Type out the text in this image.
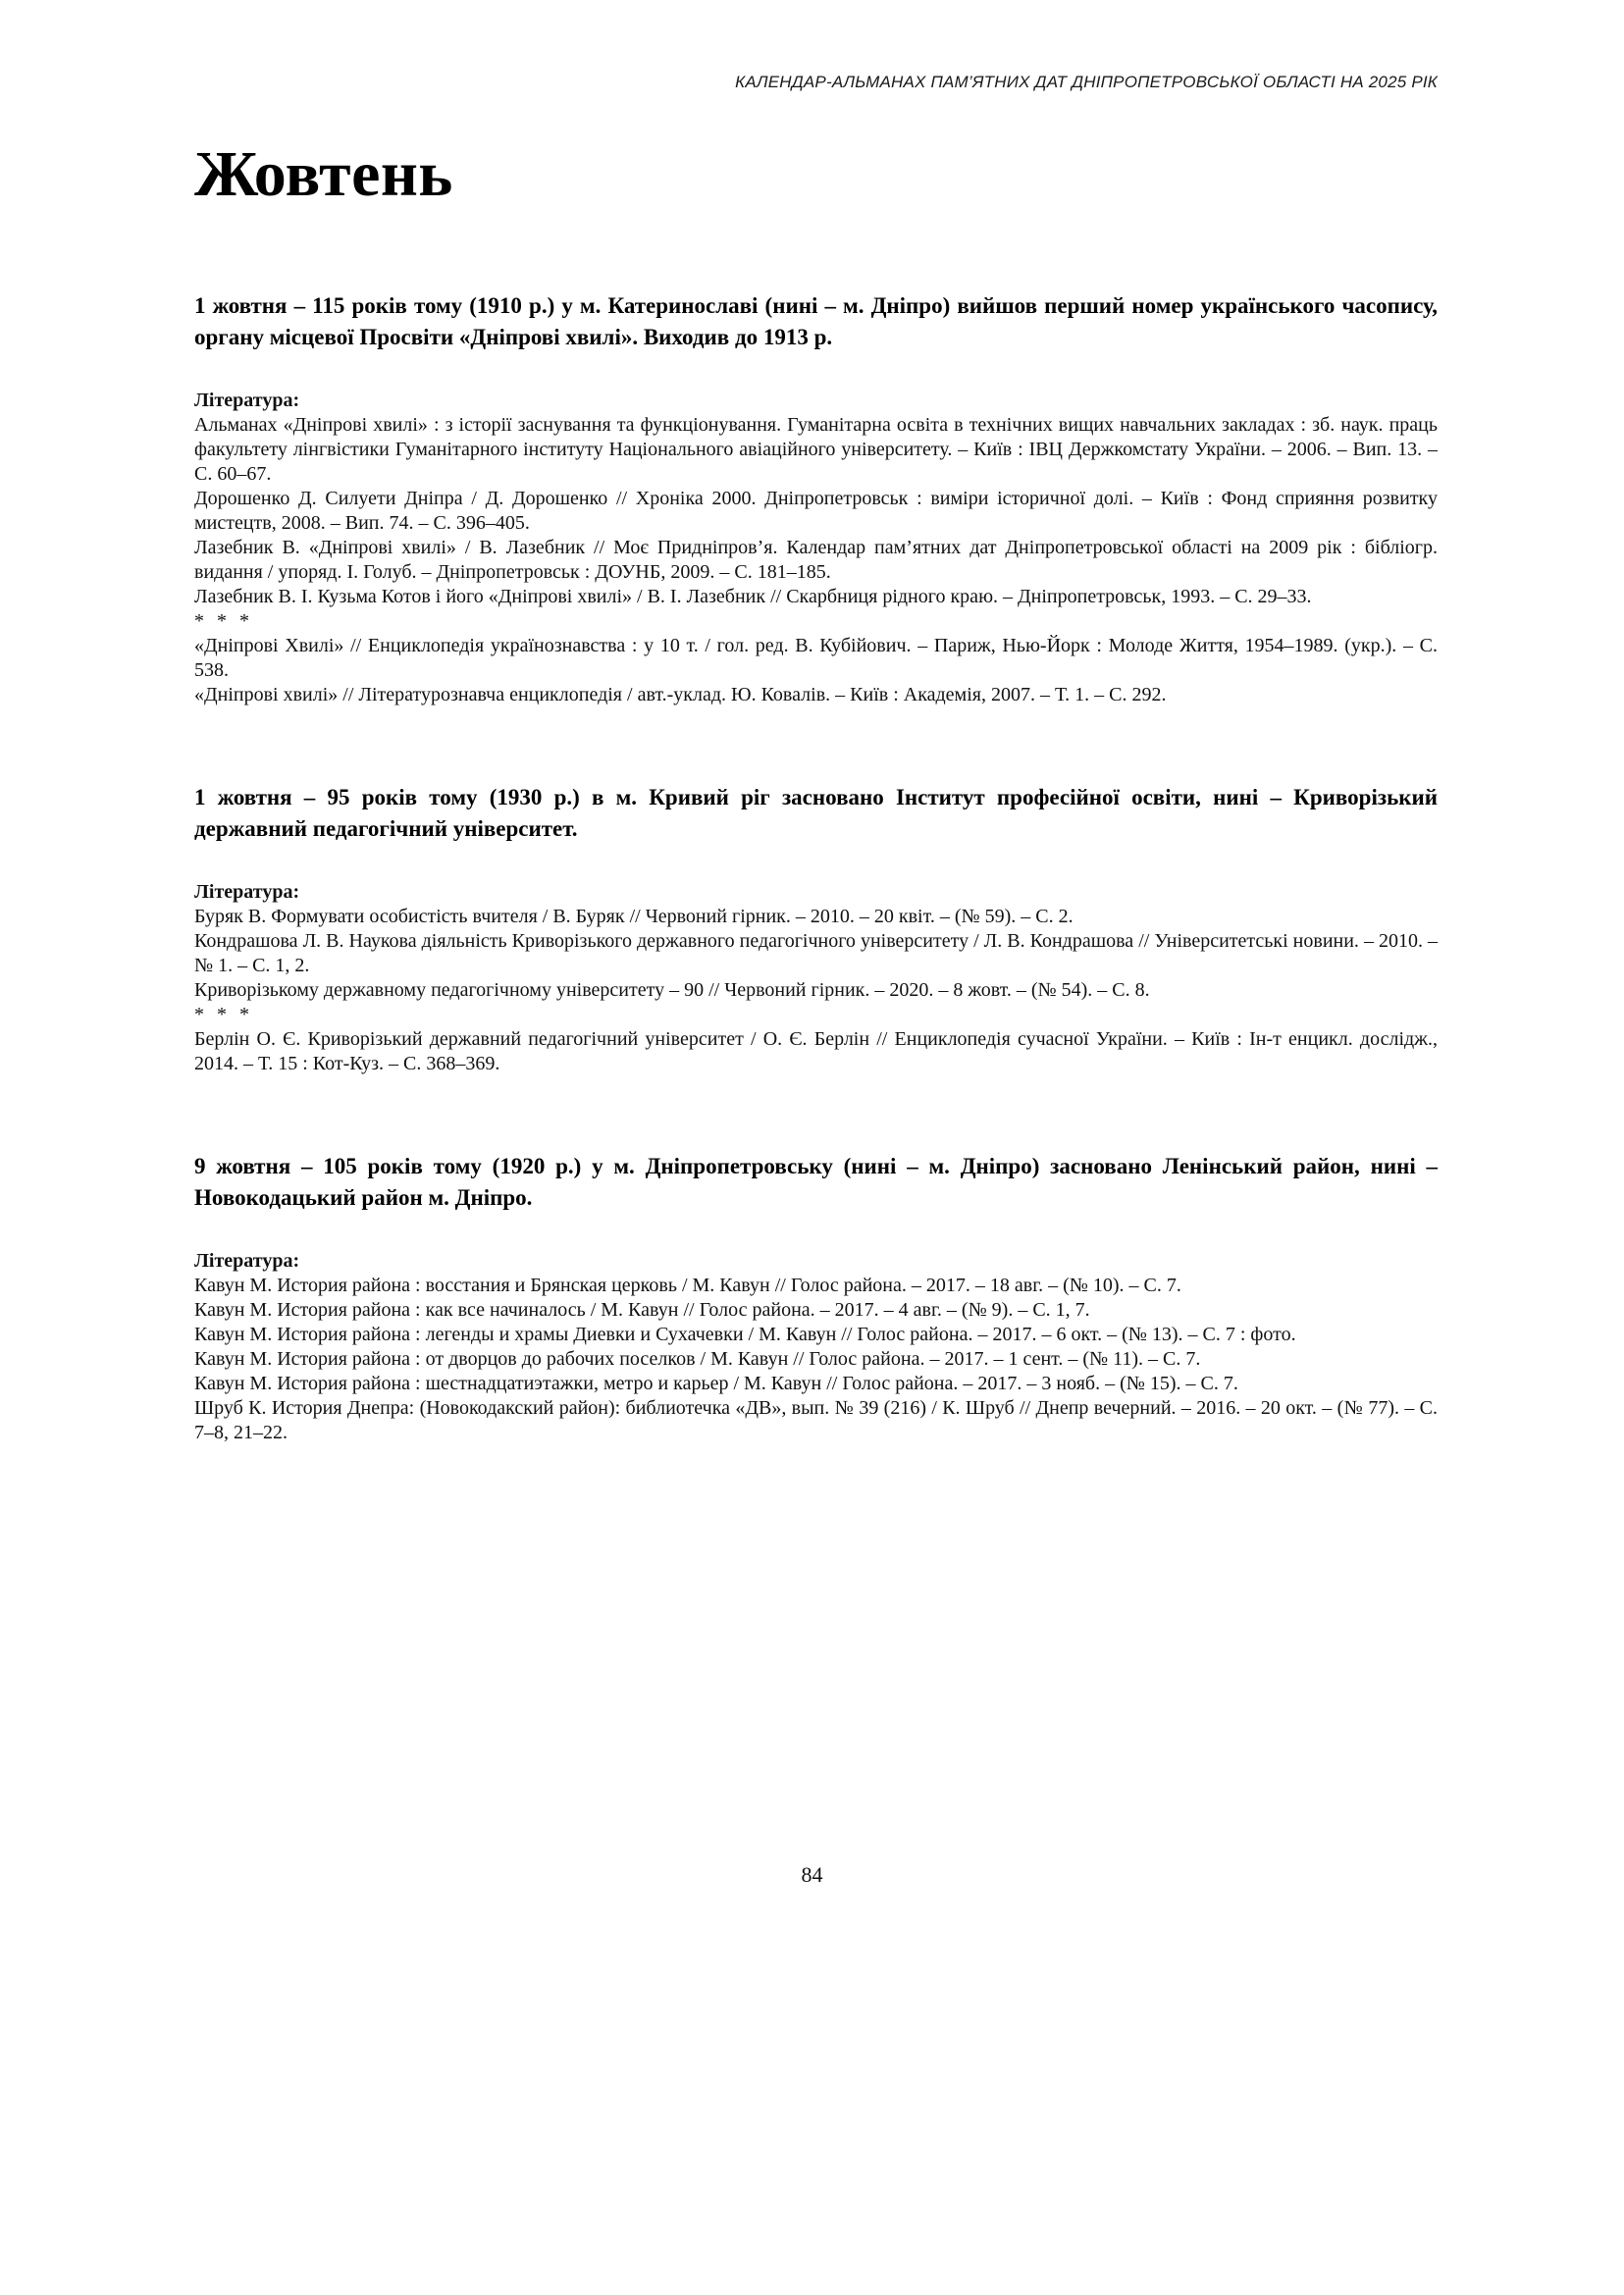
КАЛЕНДАР-АЛЬМАНАХ ПАМ’ЯТНИХ ДАТ ДНІПРОПЕТРОВСЬКОЇ ОБЛАСТІ НА 2025 РІК
Жовтень

1 жовтня – 115 років тому (1910 р.) у м. Катеринославі (нині – м. Дніпро) вийшов перший номер українського часопису, органу місцевої Просвіти «Дніпрові хвилі». Виходив до 1913 р.

Література:

Альманах «Дніпрові хвилі» : з історії заснування та функціонування. Гуманітарна освіта в технічних вищих навчальних закладах : зб. наук. праць факультету лінгвістики Гуманітарного інституту Національного авіаційного університету. – Київ : ІВЦ Держкомстату України. – 2006. – Вип. 13. – С. 60–67.

Дорошенко Д. Силуети Дніпра / Д. Дорошенко // Хроніка 2000. Дніпропетровськ : виміри історичної долі. – Київ : Фонд сприяння розвитку мистецтв, 2008. – Вип. 74. – С. 396–405.

Лазебник В. «Дніпрові хвилі» / В. Лазебник // Моє Придніпров’я. Календар пам’ятних дат Дніпропетровської області на 2009 рік : бібліогр. видання / упоряд. І. Голуб. – Дніпропетровськ : ДОУНБ, 2009. – С. 181–185.

Лазебник В. І. Кузьма Котов і його «Дніпрові хвилі» / В. І. Лазебник // Скарбниця рідного краю. – Дніпропетровськ, 1993. – С. 29–33.

* * *

«Дніпрові Хвилі» // Енциклопедія українознавства : у 10 т. / гол. ред. В. Кубійович. – Париж, Нью-Йорк : Молоде Життя, 1954–1989. (укр.). – С. 538.

«Дніпрові хвилі» // Літературознавча енциклопедія / авт.-уклад. Ю. Ковалів. – Київ : Академія, 2007. – Т. 1. – С. 292.

1 жовтня – 95 років тому (1930 р.) в м. Кривий ріг засновано Інститут професійної освіти, нині – Криворізький державний педагогічний університет.

Література:

Буряк В. Формувати особистість вчителя / В. Буряк // Червоний гірник. – 2010. – 20 квіт. – (№ 59). – С. 2.

Кондрашова Л. В. Наукова діяльність Криворізького державного педагогічного університету / Л. В. Кондрашова // Університетські новини. – 2010. – № 1. – С. 1, 2.

Криворізькому державному педагогічному університету – 90 // Червоний гірник. – 2020. – 8 жовт. – (№ 54). – С. 8.

* * *

Берлін О. Є. Криворізький державний педагогічний університет / О. Є. Берлін // Енциклопедія сучасної України. – Київ : Ін-т енцикл. дослідж., 2014. – Т. 15 : Кот-Куз. – С. 368–369.

9 жовтня – 105 років тому (1920 р.) у м. Дніпропетровську (нині – м. Дніпро) засновано Ленінський район, нині – Новокодацький район м. Дніпро.

Література:

Кавун М. История района : восстания и Брянская церковь / М. Кавун // Голос района. – 2017. – 18 авг. – (№ 10). – С. 7.

Кавун М. История района : как все начиналось / М. Кавун // Голос района. – 2017. – 4 авг. – (№ 9). – С. 1, 7.

Кавун М. История района : легенды и храмы Диевки и Сухачевки / М. Кавун // Голос района. – 2017. – 6 окт. – (№ 13). – С. 7 : фото.

Кавун М. История района : от дворцов до рабочих поселков / М. Кавун // Голос района. – 2017. – 1 сент. – (№ 11). – С. 7.

Кавун М. История района : шестнадцатиэтажки, метро и карьер / М. Кавун // Голос района. – 2017. – 3 нояб. – (№ 15). – С. 7.

Шруб К. История Днепра: (Новокодакский район): библиотечка «ДВ», вып. № 39 (216) / К. Шруб // Днепр вечерний. – 2016. – 20 окт. – (№ 77). – С. 7–8, 21–22.

84
